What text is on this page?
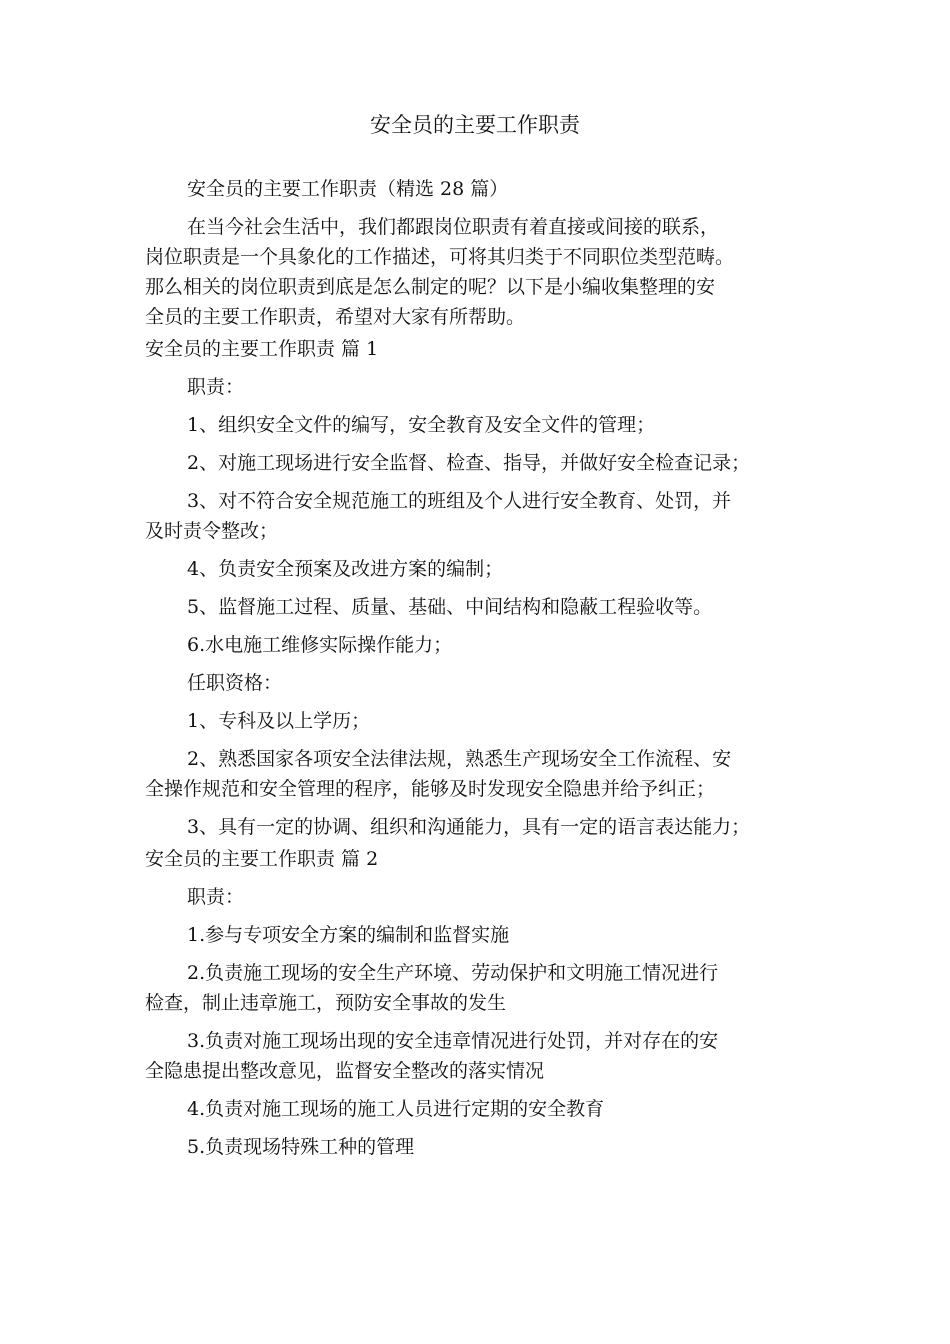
安全员的主要工作职责

安全员的主要工作职责（精选 28 篇）

在当今社会生活中，我们都跟岗位职责有着直接或间接的联系，
岗位职责是一个具象化的工作描述，可将其归类于不同职位类型范畴。
那么相关的岗位职责到底是怎么制定的呢？以下是小编收集整理的安
全员的主要工作职责，希望对大家有所帮助。

安全员的主要工作职责 篇 1

职责：

1、组织安全文件的编写，安全教育及安全文件的管理；

2、对施工现场进行安全监督、检查、指导，并做好安全检查记录；

3、对不符合安全规范施工的班组及个人进行安全教育、处罚，并
及时责令整改；

4、负责安全预案及改进方案的编制；

5、监督施工过程、质量、基础、中间结构和隐蔽工程验收等。

6.水电施工维修实际操作能力；

任职资格：

1、专科及以上学历；

2、熟悉国家各项安全法律法规，熟悉生产现场安全工作流程、安
全操作规范和安全管理的程序，能够及时发现安全隐患并给予纠正；

3、具有一定的协调、组织和沟通能力，具有一定的语言表达能力；

安全员的主要工作职责 篇 2

职责：

1.参与专项安全方案的编制和监督实施

2.负责施工现场的安全生产环境、劳动保护和文明施工情况进行
检查，制止违章施工，预防安全事故的发生

3.负责对施工现场出现的安全违章情况进行处罚，并对存在的安
全隐患提出整改意见，监督安全整改的落实情况

4.负责对施工现场的施工人员进行定期的安全教育

5.负责现场特殊工种的管理
